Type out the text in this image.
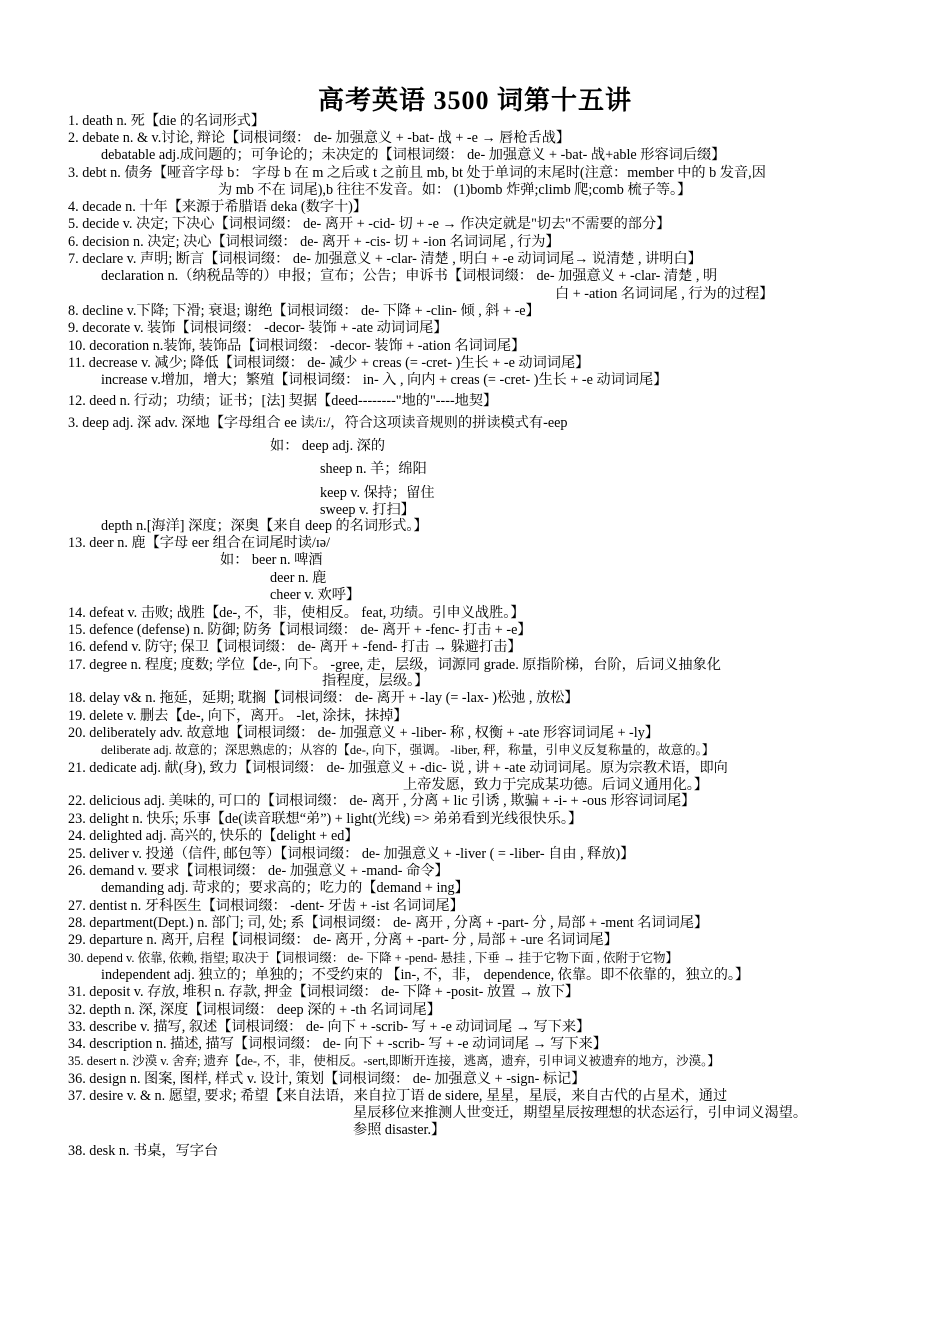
高考英语 3500 词第十五讲
1. death n. 死【die 的名词形式】
2. debate n. & v.讨论, 辩论【词根词缀： de- 加强意义 + -bat- 战 + -e → 唇枪舌战】
debatable adj.成问题的；可争论的；未决定的【词根词缀： de- 加强意义 + -bat- 战+able 形容词后缀】
3. debt n. 债务【哑音字母 b： 字母 b 在 m 之后或 t 之前且 mb, bt 处于单词的末尾时(注意：member 中的 b 发音,因
为 mb 不在 词尾),b 往往不发音。如： (1)bomb 炸弹;climb 爬;comb 梳子等。】
4. decade n. 十年【来源于希腊语 deka (数字十)】
5. decide v. 决定; 下决心【词根词缀： de- 离开 + -cid- 切 + -e → 作决定就是"切去"不需要的部分】
6. decision n. 决定; 决心【词根词缀： de- 离开 + -cis- 切 + -ion 名词词尾 , 行为】
7. declare v. 声明; 断言【词根词缀： de- 加强意义 + -clar- 清楚 , 明白 + -e 动词词尾→ 说清楚 , 讲明白】
declaration n.（纳税品等的）申报；宣布；公告；申诉书【词根词缀： de- 加强意义 + -clar- 清楚 , 明
白 + -ation 名词词尾 , 行为的过程】
8. decline v.下降; 下滑; 衰退; 谢绝【词根词缀： de- 下降 + -clin- 倾 , 斜 + -e】
9. decorate v. 装饰【词根词缀： -decor- 装饰 + -ate 动词词尾】
10. decoration n.装饰, 装饰品【词根词缀： -decor- 装饰 + -ation 名词词尾】
11. decrease v. 减少; 降低【词根词缀： de- 减少 + creas (= -cret- )生长 + -e 动词词尾】
increase v.增加，增大；繁殖【词根词缀： in- 入 , 向内 + creas (= -cret- )生长 + -e 动词词尾】
12. deed n. 行动；功绩；证书；[法] 契据【deed--------"地的"----地契】
3. deep adj. 深 adv. 深地【字母组合 ee 读/i:/，符合这项读音规则的拼读模式有-eep
如： deep adj. 深的
sheep n. 羊；绵阳
keep v. 保持；留住
sweep v. 打扫】
depth n.[海洋] 深度；深奥【来自 deep 的名词形式。】
13. deer n. 鹿【字母 eer 组合在词尾时读/ɪə/
如： beer n. 啤酒
deer n. 鹿
cheer v. 欢呼】
14. defeat v. 击败; 战胜【de-, 不，非，使相反。 feat, 功绩。引申义战胜。】
15. defence (defense) n. 防御; 防务【词根词缀： de- 离开 + -fenc- 打击 + -e】
16. defend v. 防守; 保卫【词根词缀： de- 离开 + -fend- 打击 → 躲避打击】
17. degree n. 程度; 度数; 学位【de-, 向下。 -gree, 走，层级，词源同 grade. 原指阶梯，台阶，后词义抽象化
指程度，层级。】
18. delay v& n. 拖延，延期; 耽搁【词根词缀： de- 离开 + -lay (= -lax- )松弛 , 放松】
19. delete v. 删去【de-, 向下，离开。 -let, 涂抹，抹掉】
20. deliberately adv. 故意地【词根词缀： de- 加强意义 + -liber- 称 , 权衡 + -ate 形容词词尾 + -ly】
deliberate adj. 故意的；深思熟虑的；从容的【de-, 向下，强调。 -liber, 秤，称量，引申义反复称量的，故意的。】
21. dedicate adj. 献(身), 致力【词根词缀： de- 加强意义 + -dic- 说 , 讲 + -ate 动词词尾。原为宗教术语，即向
上帝发愿，致力于完成某功德。后词义通用化。】
22. delicious adj. 美味的, 可口的【词根词缀： de- 离开 , 分离 + lic 引诱 , 欺骗 + -i- + -ous 形容词词尾】
23. delight n. 快乐; 乐事【de(读音联想“弟”) + light(光线) => 弟弟看到光线很快乐。】
24. delighted adj. 高兴的, 快乐的【delight + ed】
25. deliver v. 投递（信件, 邮包等）【词根词缀： de- 加强意义 + -liver ( = -liber- 自由 , 释放)】
26. demand v. 要求【词根词缀： de- 加强意义 + -mand- 命令】
demanding adj. 苛求的；要求高的；吃力的【demand + ing】
27. dentist n. 牙科医生【词根词缀： -dent- 牙齿 + -ist 名词词尾】
28. department(Dept.) n. 部门; 司, 处; 系【词根词缀： de- 离开 , 分离 + -part- 分 , 局部 + -ment 名词词尾】
29. departure n. 离开, 启程【词根词缀： de- 离开 , 分离 + -part- 分 , 局部 + -ure 名词词尾】
30. depend v. 依靠, 依赖, 指望; 取决于【词根词缀： de- 下降 + -pend- 悬挂 , 下垂 → 挂于它物下面 , 依附于它物】
independent adj. 独立的；单独的；不受约束的 【in-, 不，非， dependence, 依靠。即不依靠的，独立的。】
31. deposit v. 存放, 堆积 n. 存款, 押金【词根词缀： de- 下降 + -posit- 放置 → 放下】
32. depth n. 深, 深度【词根词缀： deep 深的 + -th 名词词尾】
33. describe v. 描写, 叙述【词根词缀： de- 向下 + -scrib- 写 + -e 动词词尾 → 写下来】
34. description n. 描述, 描写【词根词缀： de- 向下 + -scrib- 写 + -e 动词词尾 → 写下来】
35. desert n. 沙漠 v. 舍弃; 遗弃【de-, 不，非，使相反。-sert,即断开连接，逃离，遗弃，引申词义被遗弃的地方，沙漠。】
36. design n. 图案, 图样, 样式 v. 设计, 策划【词根词缀： de- 加强意义 + -sign- 标记】
37. desire v. & n. 愿望, 要求; 希望【来自法语，来自拉丁语 de sidere, 星星，星辰，来自古代的占星术，通过
星辰移位来推测人世变迁，期望星辰按理想的状态运行，引申词义渴望。
参照 disaster.】
38. desk n. 书桌，写字台
